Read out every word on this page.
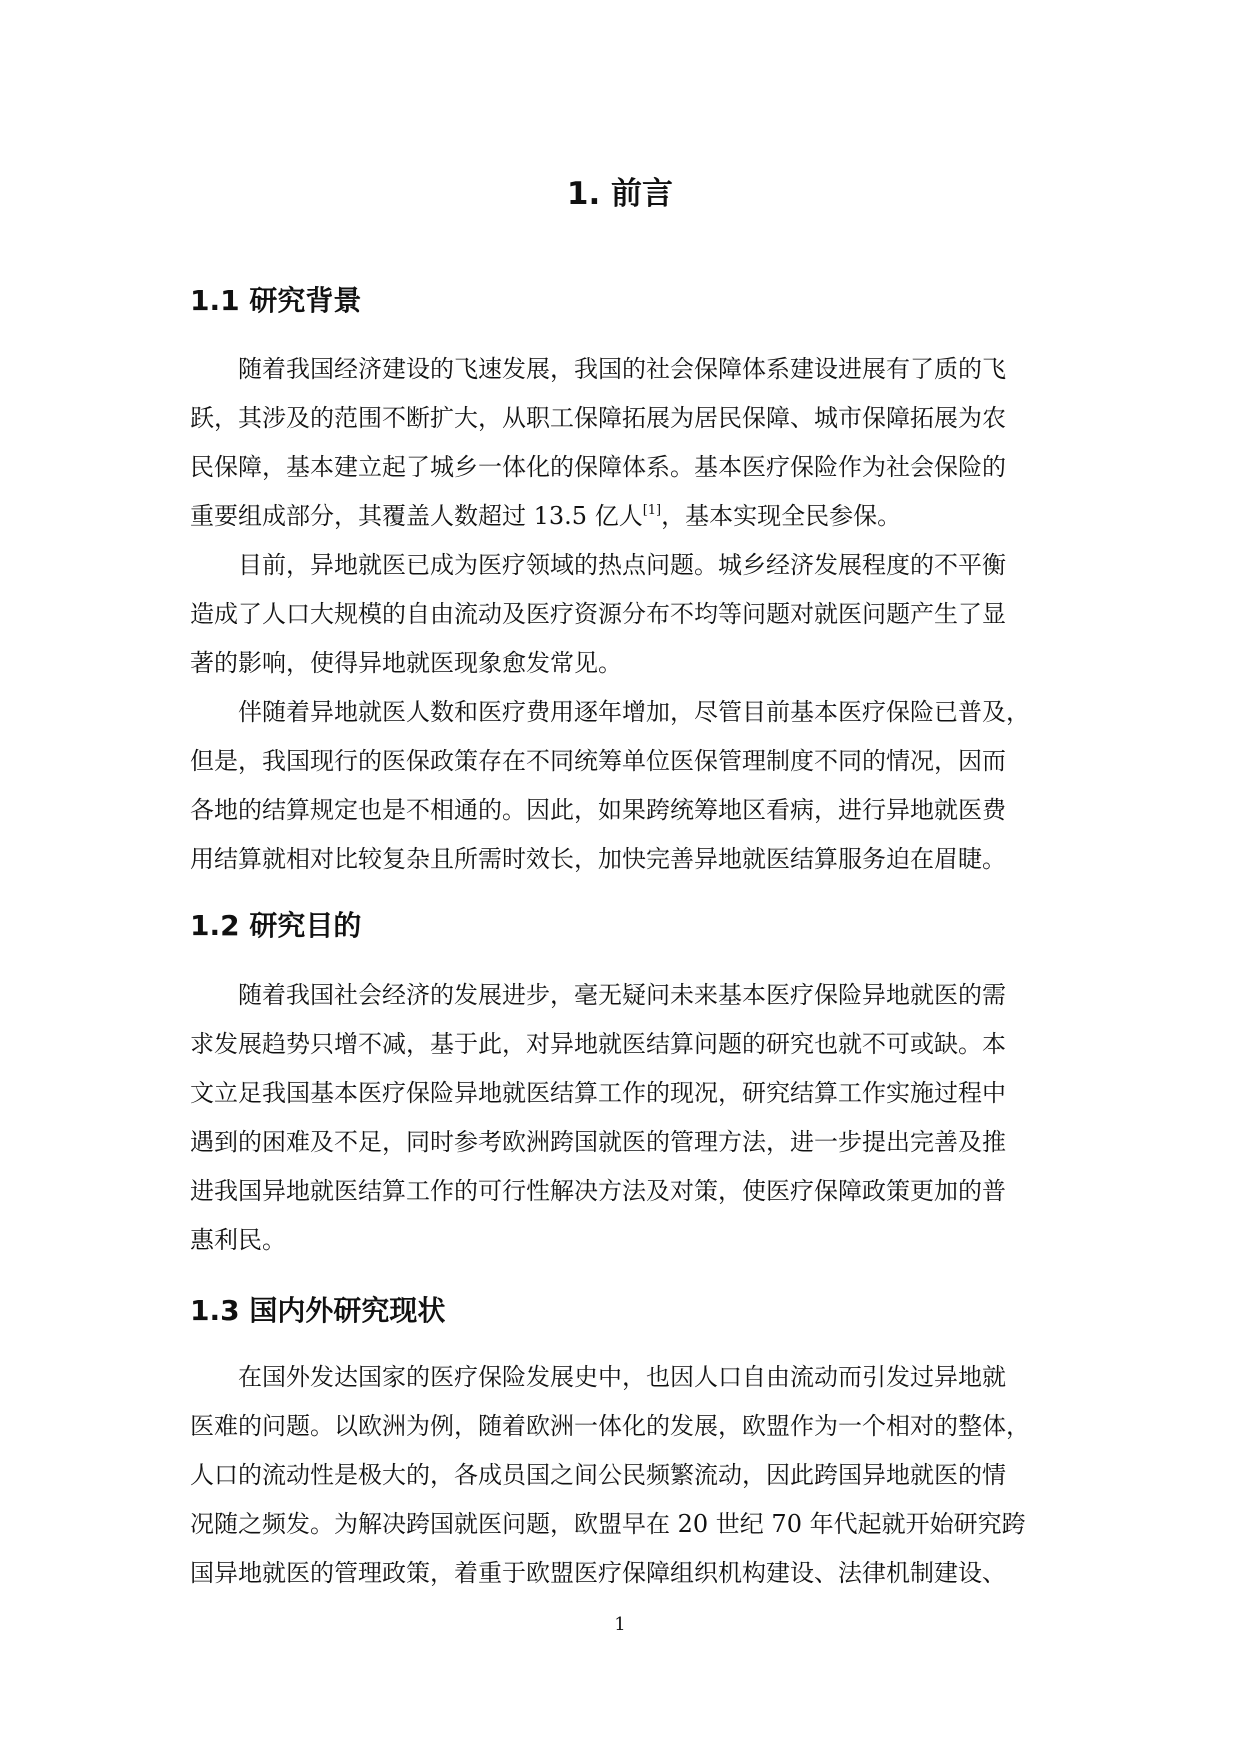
1. 前言
1.1 研究背景

随着我国经济建设的飞速发展，我国的社会保障体系建设进展有了质的飞
跃，其涉及的范围不断扩大，从职工保障拓展为居民保障、城市保障拓展为农
民保障，基本建立起了城乡一体化的保障体系。基本医疗保险作为社会保险的
重要组成部分，其覆盖人数超过 13.5 亿人[1]，基本实现全民参保。

目前，异地就医已成为医疗领域的热点问题。城乡经济发展程度的不平衡
造成了人口大规模的自由流动及医疗资源分布不均等问题对就医问题产生了显
著的影响，使得异地就医现象愈发常见。

伴随着异地就医人数和医疗费用逐年增加，尽管目前基本医疗保险已普及，
但是，我国现行的医保政策存在不同统筹单位医保管理制度不同的情况，因而
各地的结算规定也是不相通的。因此，如果跨统筹地区看病，进行异地就医费
用结算就相对比较复杂且所需时效长，加快完善异地就医结算服务迫在眉睫。

1.2 研究目的

随着我国社会经济的发展进步，毫无疑问未来基本医疗保险异地就医的需
求发展趋势只增不减，基于此，对异地就医结算问题的研究也就不可或缺。本
文立足我国基本医疗保险异地就医结算工作的现况，研究结算工作实施过程中
遇到的困难及不足，同时参考欧洲跨国就医的管理方法，进一步提出完善及推
进我国异地就医结算工作的可行性解决方法及对策，使医疗保障政策更加的普
惠利民。

1.3 国内外研究现状

在国外发达国家的医疗保险发展史中，也因人口自由流动而引发过异地就
医难的问题。以欧洲为例，随着欧洲一体化的发展，欧盟作为一个相对的整体，
人口的流动性是极大的，各成员国之间公民频繁流动，因此跨国异地就医的情
况随之频发。为解决跨国就医问题，欧盟早在 20 世纪 70 年代起就开始研究跨
国异地就医的管理政策，着重于欧盟医疗保障组织机构建设、法律机制建设、

1
